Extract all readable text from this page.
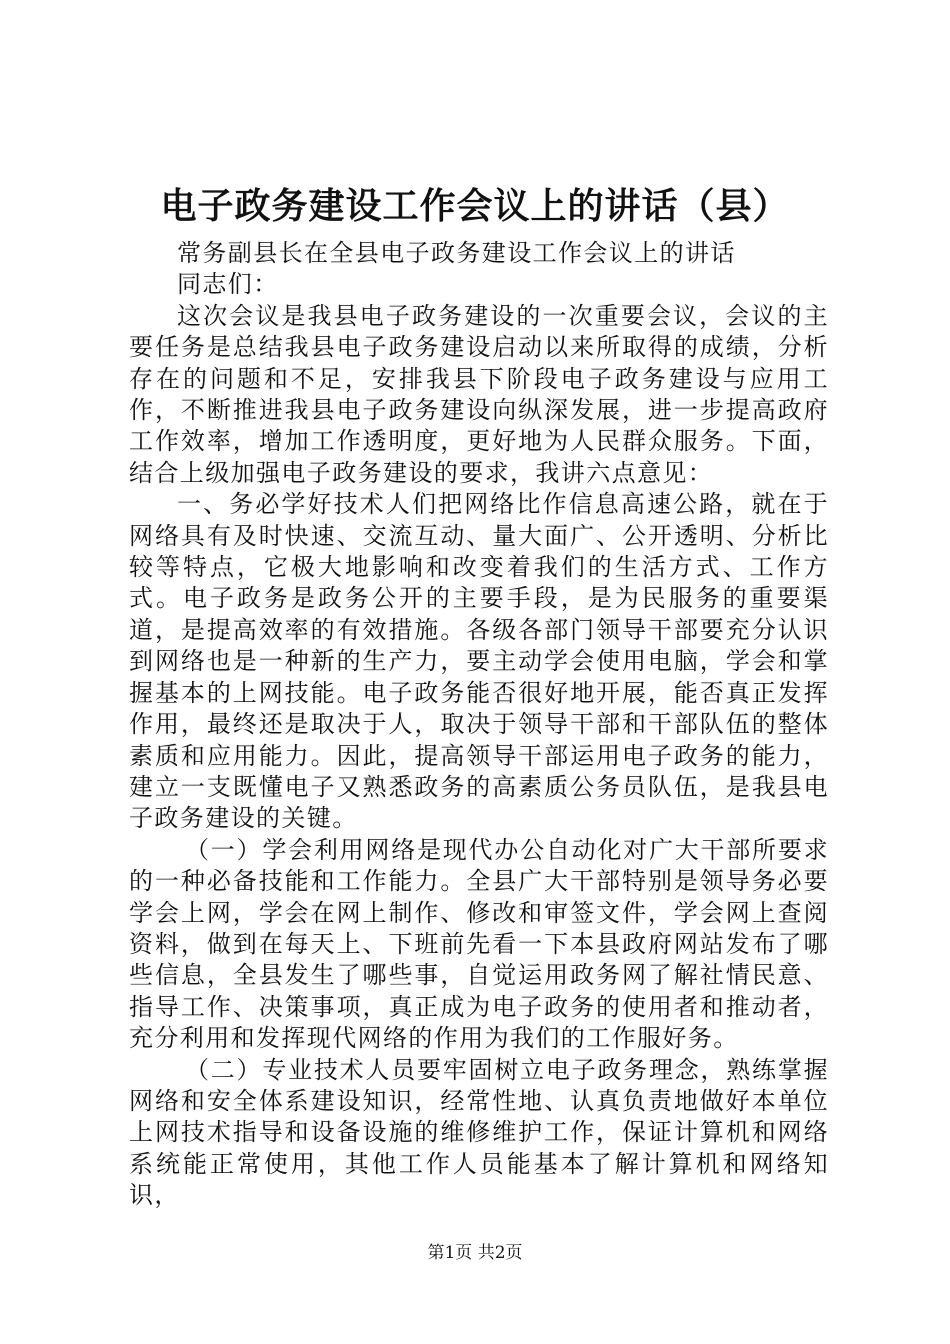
电子政务建设工作会议上的讲话（县）

常务副县长在全县电子政务建设工作会议上的讲话

同志们：

这次会议是我县电子政务建设的一次重要会议，会议的主要任务是总结我县电子政务建设启动以来所取得的成绩，分析存在的问题和不足，安排我县下阶段电子政务建设与应用工作，不断推进我县电子政务建设向纵深发展，进一步提高政府工作效率，增加工作透明度，更好地为人民群众服务。下面，结合上级加强电子政务建设的要求，我讲六点意见：

一、务必学好技术人们把网络比作信息高速公路，就在于网络具有及时快速、交流互动、量大面广、公开透明、分析比较等特点，它极大地影响和改变着我们的生活方式、工作方式。电子政务是政务公开的主要手段，是为民服务的重要渠道，是提高效率的有效措施。各级各部门领导干部要充分认识到网络也是一种新的生产力，要主动学会使用电脑，学会和掌握基本的上网技能。电子政务能否很好地开展，能否真正发挥作用，最终还是取决于人，取决于领导干部和干部队伍的整体素质和应用能力。因此，提高领导干部运用电子政务的能力，建立一支既懂电子又熟悉政务的高素质公务员队伍，是我县电子政务建设的关键。

（一）学会利用网络是现代办公自动化对广大干部所要求的一种必备技能和工作能力。全县广大干部特别是领导务必要学会上网，学会在网上制作、修改和审签文件，学会网上查阅资料，做到在每天上、下班前先看一下本县政府网站发布了哪些信息，全县发生了哪些事，自觉运用政务网了解社情民意、指导工作、决策事项，真正成为电子政务的使用者和推动者，充分利用和发挥现代网络的作用为我们的工作服好务。

（二）专业技术人员要牢固树立电子政务理念，熟练掌握网络和安全体系建设知识，经常性地、认真负责地做好本单位上网技术指导和设备设施的维修维护工作，保证计算机和网络系统能正常使用，其他工作人员能基本了解计算机和网络知识，

第1页 共2页
